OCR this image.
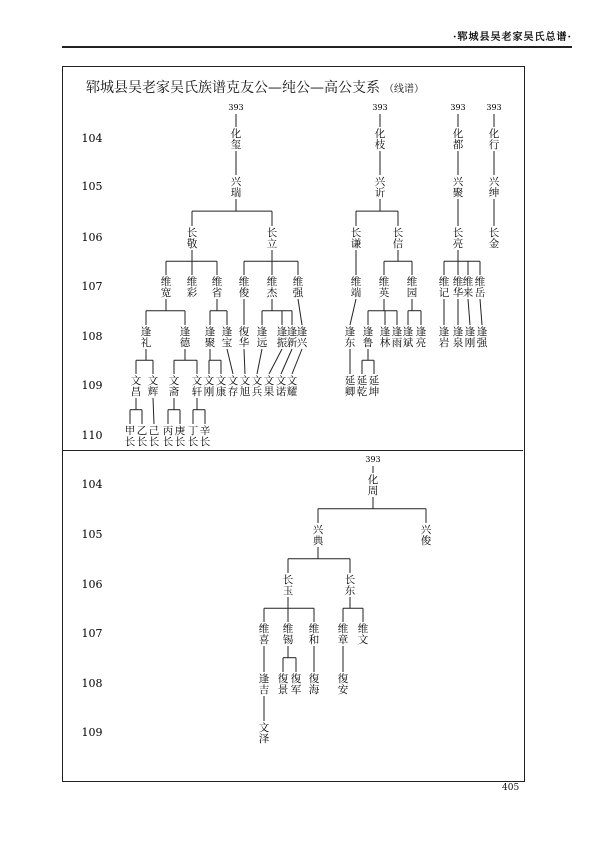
·郓城县吴老家吴氏总谱·
郓城县吴老家吴氏族谱克友公—纯公—高公支系 （线谱）
104
105
106
107
108
109
110
393	393	393	393
化
玺
化
枝
化
都
化
行
兴
瑞
兴
䜣
兴
聚
兴
绅
长
敬
长
立
长
谦
长
信
长
亮
长
金
维
宽
维
彩
维
省
维
俊
维
杰
维
强
维
端
维
英
维
园
维
记
维
华
维
来
维
岳
逢
礼
逢
德
逢
聚
逢
宝
復
华
逢
远
逢
振
逢
新
逢
兴
逢
东
逢
鲁
逢
林
逢
雨
逢
斌
逢
亮
逢
岩
逢
泉
逢
刚
逢
强
文
昌
文
辉
文
斋
文
轩
文
刚
文
康
文
存
文
旭
文
兵
文
果
文
诺
文
耀
延
卿
延
乾
延
坤
甲
长
乙
长
己
长
丙
长
庚
长
丁
长
辛
长
104
105
106
107
108
109
393
化
周
兴
典
兴
俊
长
玉
长
东
维
喜
维
锡
维
和
维
章
维
文
逢
吉
復
景
復
军
復
海
復
安
文
泽
405
